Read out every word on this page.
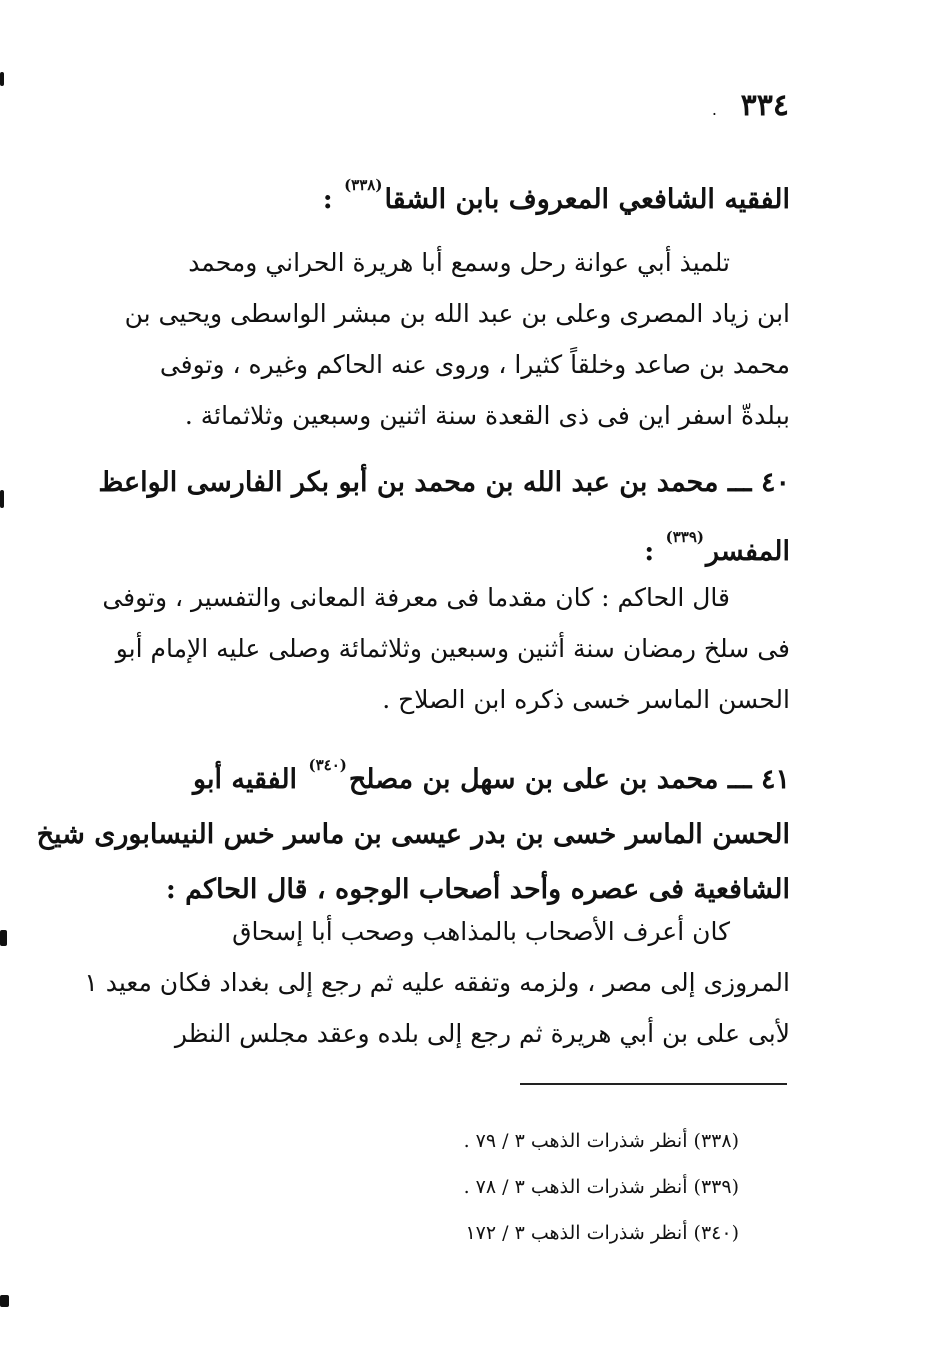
٣٣٤
.
الفقيه الشافعي المعروف بابن الشقا$^{(٣٣٨)}$ :
تلميذ أبي عوانة رحل وسمع أبا هريرة الحراني ومحمد
ابن زياد المصرى وعلى بن عبد الله بن مبشر الواسطى ويحيى بن
محمد بن صاعد وخلقاً كثيرا ، وروى عنه الحاكم وغيره ، وتوفى
ببلدةّ اسفر اين فى ذى القعدة سنة اثنين وسبعين وثلاثمائة .
٤٠ ـــ محمد بن عبد الله بن محمد بن أبو بكر الفارسى الواعظ
المفسر$^{(٣٣٩)}$ :
قال الحاكم : كان مقدما فى معرفة المعانى والتفسير ، وتوفى
فى سلخ رمضان سنة أثنين وسبعين وثلاثمائة وصلى عليه الإمام أبو
الحسن الماسر خسى ذكره ابن الصلاح .
٤١ ـــ محمد بن على بن سهل بن مصلح$^{(٣٤٠)}$ الفقيه أبو
الحسن الماسر خسى بن بدر عيسى بن ماسر خس النيسابورى شيخ
الشافعية فى عصره وأحد أصحاب الوجوه ، قال الحاكم :
كان أعرف الأصحاب بالمذاهب وصحب أبا إسحاق
المروزى إلى مصر ، ولزمه وتفقه عليه ثم رجع إلى بغداد فكان معيد ١
لأبى على بن أبي هريرة ثم رجع إلى بلده وعقد مجلس النظر
(٣٣٨) أنظر شذرات الذهب ٣ / ٧٩ .
(٣٣٩) أنظر شذرات الذهب ٣ / ٧٨ .
(٣٤٠) أنظر شذرات الذهب ٣ / ١٧٢
